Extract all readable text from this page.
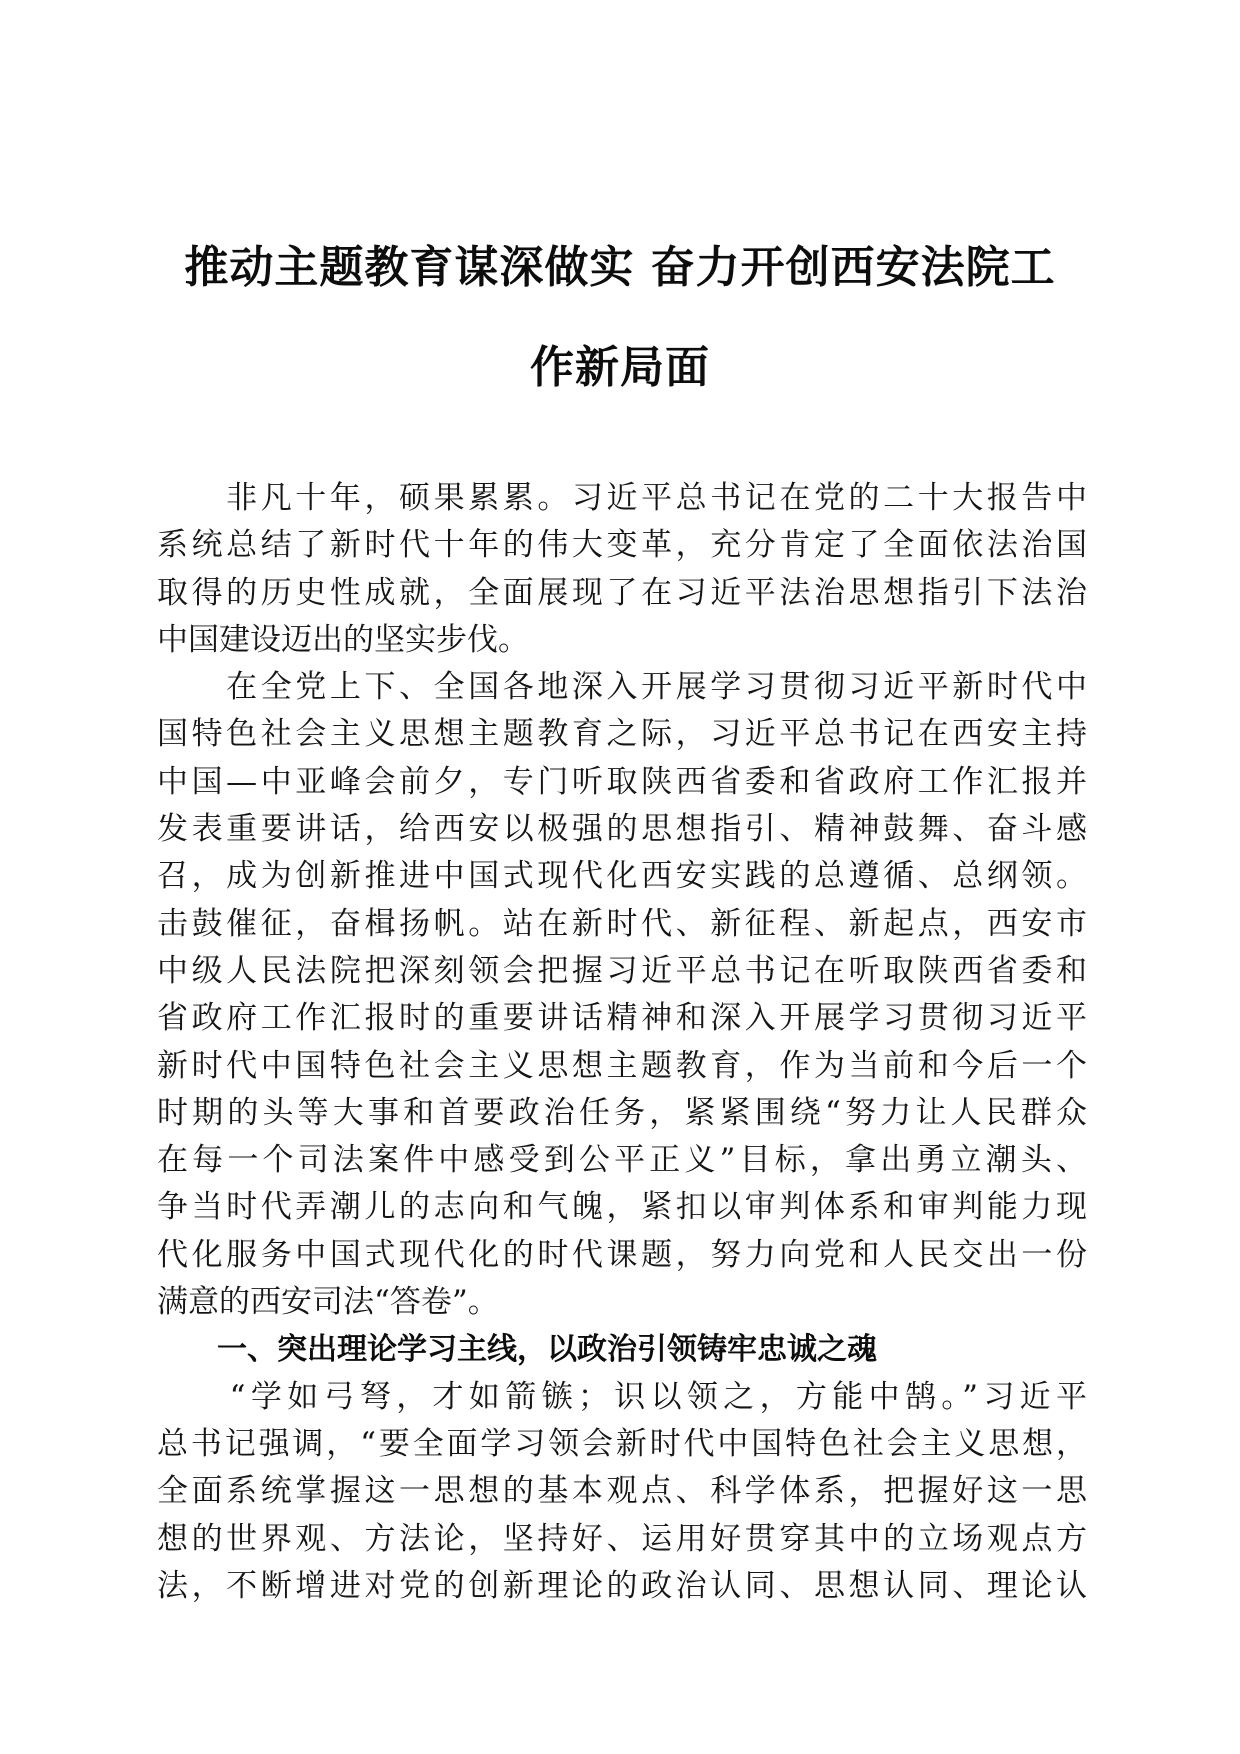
推动主题教育谋深做实 奋力开创西安法院工
作新局面
　　非凡十年，硕果累累。习近平总书记在党的二十大报告中
系统总结了新时代十年的伟大变革，充分肯定了全面依法治国
取得的历史性成就，全面展现了在习近平法治思想指引下法治
中国建设迈出的坚实步伐。
　　在全党上下、全国各地深入开展学习贯彻习近平新时代中
国特色社会主义思想主题教育之际，习近平总书记在西安主持
中国—中亚峰会前夕，专门听取陕西省委和省政府工作汇报并
发表重要讲话，给西安以极强的思想指引、精神鼓舞、奋斗感
召，成为创新推进中国式现代化西安实践的总遵循、总纲领。
击鼓催征，奋楫扬帆。站在新时代、新征程、新起点，西安市
中级人民法院把深刻领会把握习近平总书记在听取陕西省委和
省政府工作汇报时的重要讲话精神和深入开展学习贯彻习近平
新时代中国特色社会主义思想主题教育，作为当前和今后一个
时期的头等大事和首要政治任务，紧紧围绕“努力让人民群众
在每一个司法案件中感受到公平正义”目标，拿出勇立潮头、
争当时代弄潮儿的志向和气魄，紧扣以审判体系和审判能力现
代化服务中国式现代化的时代课题，努力向党和人民交出一份
满意的西安司法“答卷”。
　　一、突出理论学习主线，以政治引领铸牢忠诚之魂
　　“学如弓弩，才如箭镞；识以领之，方能中鹄。”习近平
总书记强调，“要全面学习领会新时代中国特色社会主义思想，
全面系统掌握这一思想的基本观点、科学体系，把握好这一思
想的世界观、方法论，坚持好、运用好贯穿其中的立场观点方
法，不断增进对党的创新理论的政治认同、思想认同、理论认
